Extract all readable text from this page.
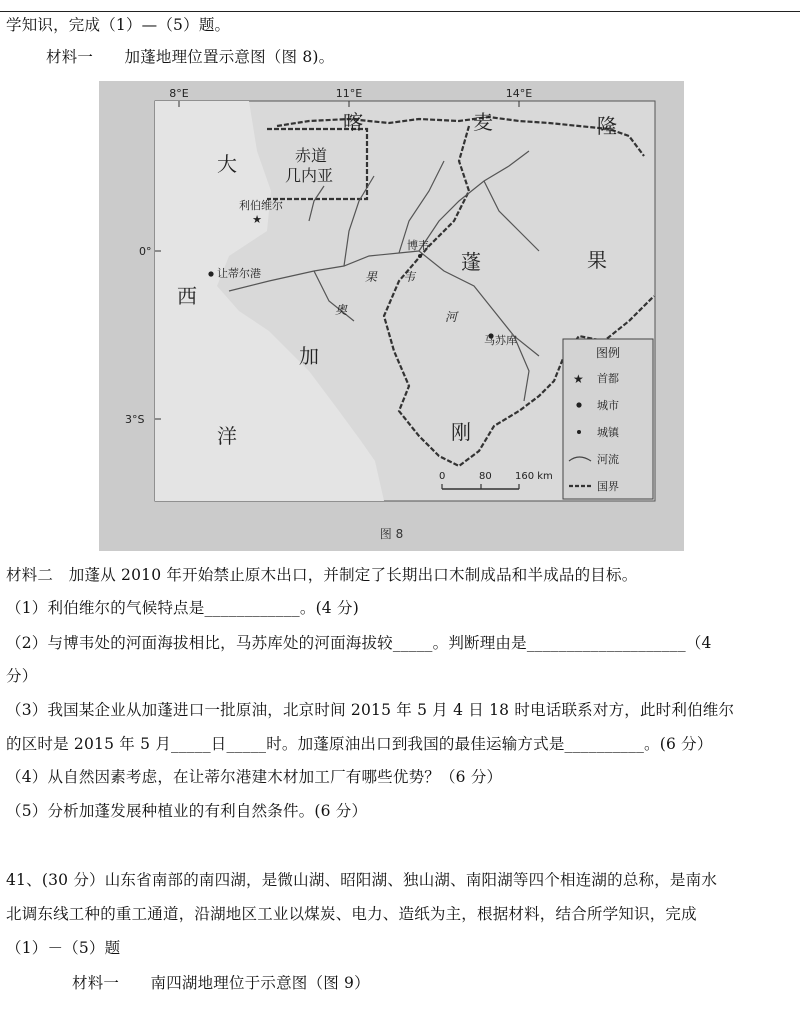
学知识，完成（1）—（5）题。
材料一　　加蓬地理位置示意图（图 8)。
8°E	11°E	14°E
0°
3°S
大
西
洋
喀	麦	隆
赤道
几内亚
加
蓬	果
刚
奥
果 韦
河
★
利伯维尔
让蒂尔港
博韦
马苏库
0	80 160 km
图例
★ 首都
城市
城镇
河流
国界
图 8
材料二　加蓬从 2010 年开始禁止原木出口，并制定了长期出口木制成品和半成品的目标。
（1）利伯维尔的气候特点是____________。(4 分)
（2）与博韦处的河面海拔相比，马苏库处的河面海拔较_____。判断理由是____________________（4
分）
（3）我国某企业从加蓬进口一批原油，北京时间 2015 年 5 月 4 日 18 时电话联系对方，此时利伯维尔
的区时是 2015 年 5 月_____日_____时。加蓬原油出口到我国的最佳运输方式是__________。(6 分）
（4）从自然因素考虑，在让蒂尔港建木材加工厂有哪些优势？（6 分）
（5）分析加蓬发展种植业的有利自然条件。(6 分）
41、(30 分）山东省南部的南四湖，是微山湖、昭阳湖、独山湖、南阳湖等四个相连湖的总称，是南水
北调东线工种的重工通道，沿湖地区工业以煤炭、电力、造纸为主，根据材料，结合所学知识，完成
（1）－（5）题
材料一　　南四湖地理位于示意图（图 9）
